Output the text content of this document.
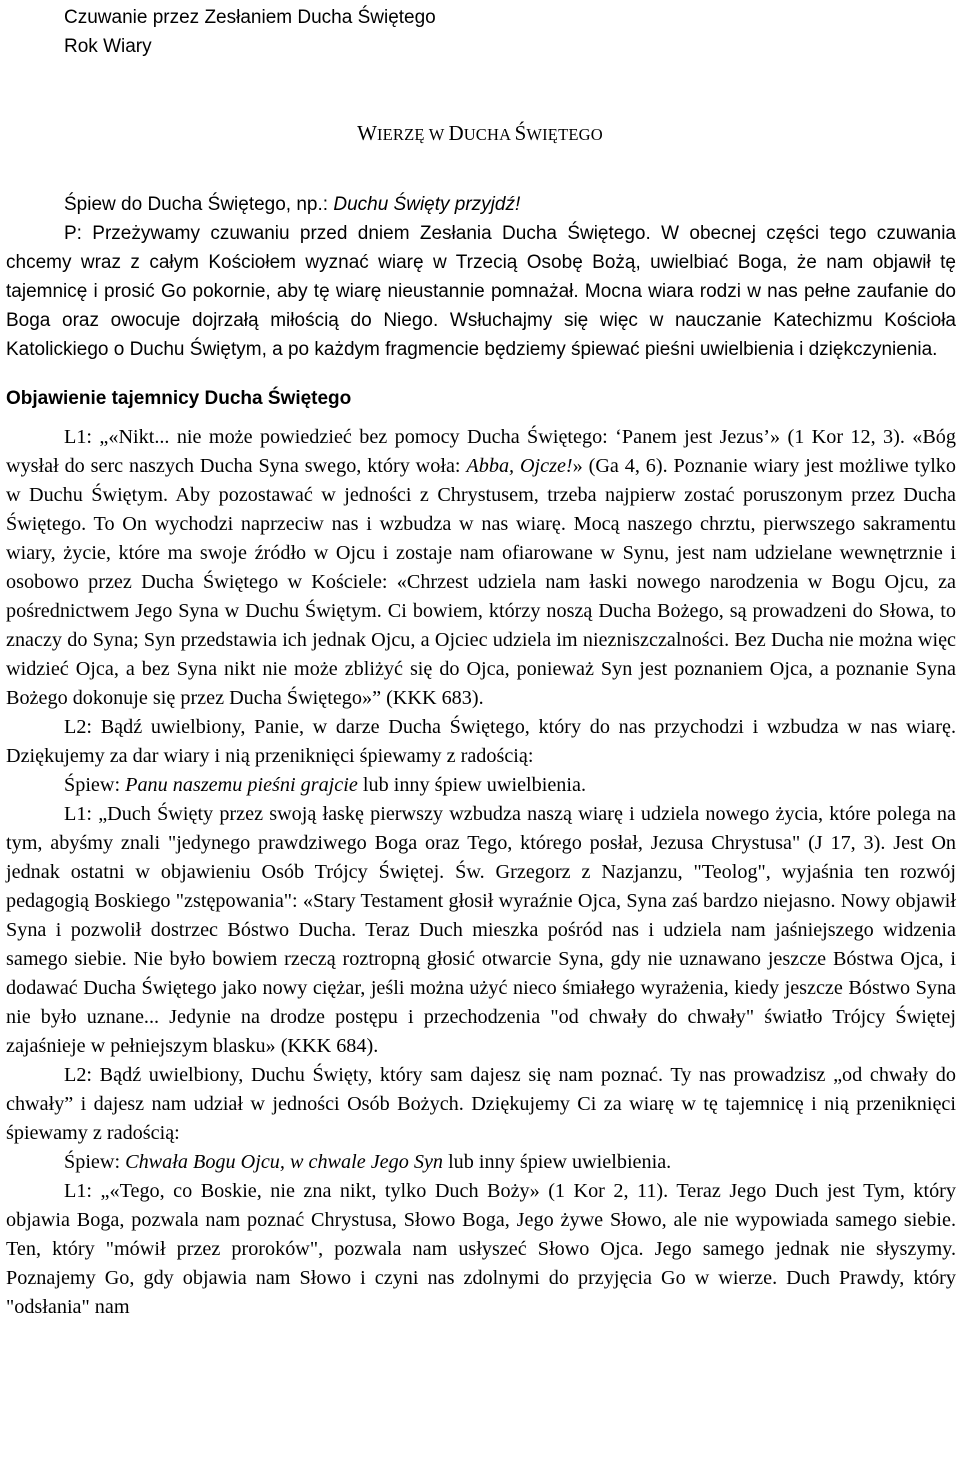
Czuwanie przez Zesłaniem Ducha Świętego
Rok Wiary
WIERZĘ W DUCHA ŚWIĘTEGO

Śpiew do Ducha Świętego, np.: Duchu Święty przyjdź!

P: Przeżywamy czuwaniu przed dniem Zesłania Ducha Świętego. W obecnej części tego czuwania chcemy wraz z całym Kościołem wyznać wiarę w Trzecią Osobę Bożą, uwielbiać Boga, że nam objawił tę tajemnicę i prosić Go pokornie, aby tę wiarę nieustannie pomnażał. Mocna wiara rodzi w nas pełne zaufanie do Boga oraz owocuje dojrzałą miłością do Niego. Wsłuchajmy się więc w nauczanie Katechizmu Kościoła Katolickiego o Duchu Świętym, a po każdym fragmencie będziemy śpiewać pieśni uwielbienia i dziękczynienia.

Objawienie tajemnicy Ducha Świętego

L1: „«Nikt... nie może powiedzieć bez pomocy Ducha Świętego: ‘Panem jest Jezus’» (1 Kor 12, 3). «Bóg wysłał do serc naszych Ducha Syna swego, który woła: Abba, Ojcze!» (Ga 4, 6). Poznanie wiary jest możliwe tylko w Duchu Świętym. Aby pozostawać w jedności z Chrystusem, trzeba najpierw zostać poruszonym przez Ducha Świętego. To On wychodzi naprzeciw nas i wzbudza w nas wiarę. Mocą naszego chrztu, pierwszego sakramentu wiary, życie, które ma swoje źródło w Ojcu i zostaje nam ofiarowane w Synu, jest nam udzielane wewnętrznie i osobowo przez Ducha Świętego w Kościele: «Chrzest udziela nam łaski nowego narodzenia w Bogu Ojcu, za pośrednictwem Jego Syna w Duchu Świętym. Ci bowiem, którzy noszą Ducha Bożego, są prowadzeni do Słowa, to znaczy do Syna; Syn przedstawia ich jednak Ojcu, a Ojciec udziela im niezniszczalności. Bez Ducha nie można więc widzieć Ojca, a bez Syna nikt nie może zbliżyć się do Ojca, ponieważ Syn jest poznaniem Ojca, a poznanie Syna Bożego dokonuje się przez Ducha Świętego»” (KKK 683).

L2: Bądź uwielbiony, Panie, w darze Ducha Świętego, który do nas przychodzi i wzbudza w nas wiarę. Dziękujemy za dar wiary i nią przeniknięci śpiewamy z radością:

Śpiew: Panu naszemu pieśni grajcie lub inny śpiew uwielbienia.

L1: „Duch Święty przez swoją łaskę pierwszy wzbudza naszą wiarę i udziela nowego życia, które polega na tym, abyśmy znali "jedynego prawdziwego Boga oraz Tego, którego posłał, Jezusa Chrystusa" (J 17, 3). Jest On jednak ostatni w objawieniu Osób Trójcy Świętej. Św. Grzegorz z Nazjanzu, "Teolog", wyjaśnia ten rozwój pedagogią Boskiego "zstępowania": «Stary Testament głosił wyraźnie Ojca, Syna zaś bardzo niejasno. Nowy objawił Syna i pozwolił dostrzec Bóstwo Ducha. Teraz Duch mieszka pośród nas i udziela nam jaśniejszego widzenia samego siebie. Nie było bowiem rzeczą roztropną głosić otwarcie Syna, gdy nie uznawano jeszcze Bóstwa Ojca, i dodawać Ducha Świętego jako nowy ciężar, jeśli można użyć nieco śmiałego wyrażenia, kiedy jeszcze Bóstwo Syna nie było uznane... Jedynie na drodze postępu i przechodzenia "od chwały do chwały" światło Trójcy Świętej zajaśnieje w pełniejszym blasku» (KKK 684).

L2: Bądź uwielbiony, Duchu Święty, który sam dajesz się nam poznać. Ty nas prowadzisz „od chwały do chwały” i dajesz nam udział w jedności Osób Bożych. Dziękujemy Ci za wiarę w tę tajemnicę i nią przeniknięci śpiewamy z radością:

Śpiew: Chwała Bogu Ojcu, w chwale Jego Syn lub inny śpiew uwielbienia.

L1: „«Tego, co Boskie, nie zna nikt, tylko Duch Boży» (1 Kor 2, 11). Teraz Jego Duch jest Tym, który objawia Boga, pozwala nam poznać Chrystusa, Słowo Boga, Jego żywe Słowo, ale nie wypowiada samego siebie. Ten, który "mówił przez proroków", pozwala nam usłyszeć Słowo Ojca. Jego samego jednak nie słyszymy. Poznajemy Go, gdy objawia nam Słowo i czyni nas zdolnymi do przyjęcia Go w wierze. Duch Prawdy, który "odsłania" nam
